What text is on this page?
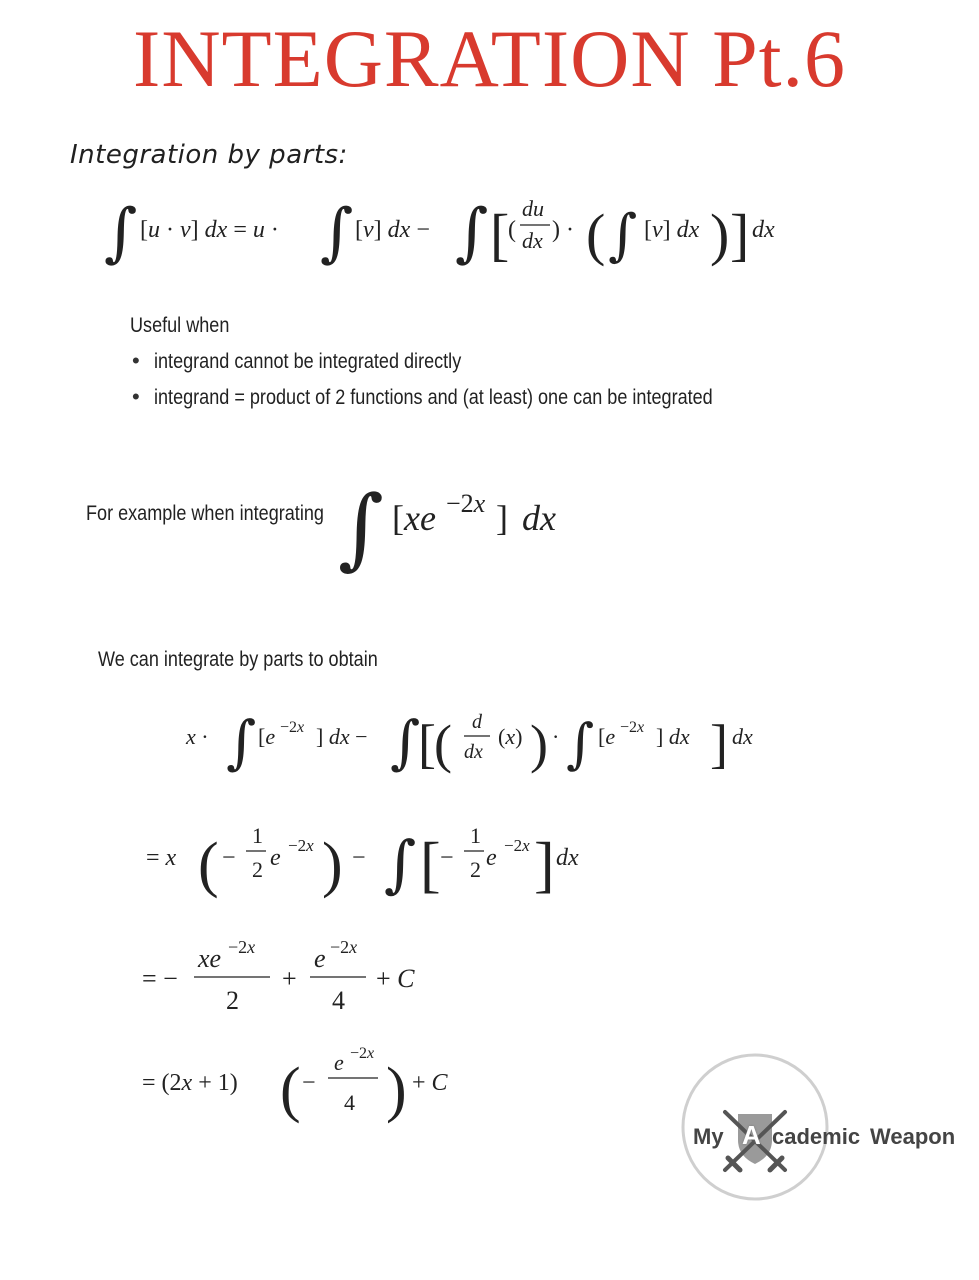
INTEGRATION Pt.6
Integration by parts:
∫ [u · v] dx = u · ∫ [v] dx − ∫ [
(
du
dx ) · ( ∫ [v] dx ) ] dx
Useful when
• integrand cannot be integrated directly
• integrand = product of 2 functions and (at least) one can be integrated
For example when integrating ∫ [xe −2x ] dx
We can integrate by parts to obtain
x · ∫ [e −2x ] dx − ∫
[
( d
dx
(x) ) · ∫ [e −2x ] dx ] dx
= x ( −
1
2 e −2x ) − ∫ [ −
1
2 e −2x ] dx
= −
xe −2x
2
+
e −2x
4
+ C
= (2x + 1) ( −
e −2x
4 ) + C
My A cademic Weapon
